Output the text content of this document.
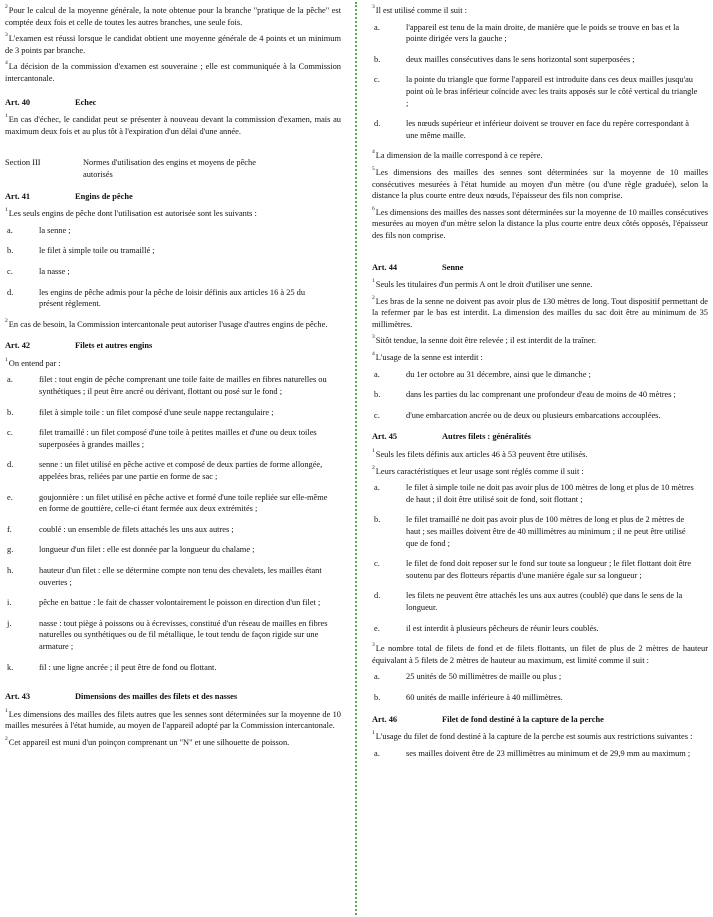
$^2$Pour le calcul de la moyenne générale, la note obtenue pour la branche "pratique de la pêche" est comptée deux fois et celle de toutes les autres branches, une seule fois.

$^3$L'examen est réussi lorsque le candidat obtient une moyenne générale de 4 points et un minimum de 3 points par branche.

$^4$La décision de la commission d'examen est souveraine ; elle est communiquée à la Commission intercantonale.

Art. 40	Echec

$^1$En cas d'échec, le candidat peut se présenter à nouveau devant la commission d'examen, mais au maximum deux fois et au plus tôt à l'expiration d'un délai d'une année.

Section III	Normes d'utilisation des engins et moyens de pêche autorisés
Art. 41	Engins de pêche

$^1$Les seuls engins de pêche dont l'utilisation est autorisée sont les suivants :

a.	la senne ;
b.	le filet à simple toile ou tramaillé ;
c.	la nasse ;
d.	les engins de pêche admis pour la pêche de loisir définis aux articles 16 à 25 du présent règlement.

$^2$En cas de besoin, la Commission intercantonale peut autoriser l'usage d'autres engins de pêche.

Art. 42	Filets et autres engins

$^1$On entend par :

a.	filet : tout engin de pêche comprenant une toile faite de mailles en fibres naturelles ou synthétiques ; il peut être ancré ou dérivant, flottant ou posé sur le fond ;
b.	filet à simple toile : un filet composé d'une seule nappe rectangulaire ;
c.	filet tramaillé : un filet composé d'une toile à petites mailles et d'une ou deux toiles superposées à grandes mailles ;
d.	senne : un filet utilisé en pêche active et composé de deux parties de forme allongée, appelées bras, reliées par une partie en forme de sac ;
e.	goujonnière : un filet utilisé en pêche active et formé d'une toile repliée sur elle-même en forme de gouttière, celle-ci étant fermée aux deux extrémités ;
f.	coublé : un ensemble de filets attachés les uns aux autres ;
g.	longueur d'un filet : elle est donnée par la longueur du chalame ;
h.	hauteur d'un filet : elle se détermine compte non tenu des chevalets, les mailles étant ouvertes ;
i.	pêche en battue : le fait de chasser volontairement le poisson en direction d'un filet ;
j.	nasse : tout piège à poissons ou à écrevisses, constitué d'un réseau de mailles en fibres naturelles ou synthétiques ou de fil métallique, le tout tendu de façon rigide sur une armature ;
k.	fil : une ligne ancrée ; il peut être de fond ou flottant.
Art. 43	Dimensions des mailles des filets et des nasses

$^1$Les dimensions des mailles des filets autres que les sennes sont déterminées sur la moyenne de 10 mailles mesurées à l'état humide, au moyen de l'appareil adopté par la Commission intercantonale.

$^2$Cet appareil est muni d'un poinçon comprenant un "N" et une silhouette de poisson.

$^3$Il est utilisé comme il suit :

a.	l'appareil est tenu de la main droite, de manière que le poids se trouve en bas et la pointe dirigée vers la gauche ;
b.	deux mailles consécutives dans le sens horizontal sont superposées ;
c.	la pointe du triangle que forme l'appareil est introduite dans ces deux mailles jusqu'au point où le bras inférieur coïncide avec les traits apposés sur le côté vertical du triangle ;
d.	les nœuds supérieur et inférieur doivent se trouver en face du repère correspondant à une même maille.

$^4$La dimension de la maille correspond à ce repère.

$^5$Les dimensions des mailles des sennes sont déterminées sur la moyenne de 10 mailles consécutives mesurées à l'état humide au moyen d'un mètre (ou d'une règle graduée), selon la distance la plus courte entre deux nœuds, l'épaisseur des fils non comprise.

$^6$Les dimensions des mailles des nasses sont déterminées sur la moyenne de 10 mailles consécutives mesurées au moyen d'un mètre selon la distance la plus courte entre deux côtés opposés, l'épaisseur des fils non comprise.

Art. 44	Senne

$^1$Seuls les titulaires d'un permis A ont le droit d'utiliser une senne.

$^2$Les bras de la senne ne doivent pas avoir plus de 130 mètres de long. Tout dispositif permettant de la refermer par le bas est interdit. La dimension des mailles du sac doit être au minimum de 35 millimètres.

$^3$Sitôt tendue, la senne doit être relevée ; il est interdit de la traîner.

$^4$L'usage de la senne est interdit :

a.	du 1er octobre au 31 décembre, ainsi que le dimanche ;
b.	dans les parties du lac comprenant une profondeur d'eau de moins de 40 mètres ;
c.	d'une embarcation ancrée ou de deux ou plusieurs embarcations accouplées.
Art. 45	Autres filets : généralités

$^1$Seuls les filets définis aux articles 46 à 53 peuvent être utilisés.

$^2$Leurs caractéristiques et leur usage sont réglés comme il suit :

a.	le filet à simple toile ne doit pas avoir plus de 100 mètres de long et plus de 10 mètres de haut ; il doit être utilisé soit de fond, soit flottant ;
b.	le filet tramaillé ne doit pas avoir plus de 100 mètres de long et plus de 2 mètres de haut ; ses mailles doivent être de 40 millimètres au minimum ; il ne peut être utilisé que de fond ;
c.	le filet de fond doit reposer sur le fond sur toute sa longueur ; le filet flottant doit être soutenu par des flotteurs répartis d'une manière égale sur sa longueur ;
d.	les filets ne peuvent être attachés les uns aux autres (coublé) que dans le sens de la longueur.
e.	il est interdit à plusieurs pêcheurs de réunir leurs coublés.

$^3$Le nombre total de filets de fond et de filets flottants, un filet de plus de 2 mètres de hauteur équivalant à 5 filets de 2 mètres de hauteur au maximum, est limité comme il suit :

a.	25 unités de 50 millimètres de maille ou plus ;
b.	60 unités de maille inférieure à 40 millimètres.
Art. 46	Filet de fond destiné à la capture de la perche

$^1$L'usage du filet de fond destiné à la capture de la perche est soumis aux restrictions suivantes :

a.	ses mailles doivent être de 23 millimètres au minimum et de 29,9 mm au maximum ;
